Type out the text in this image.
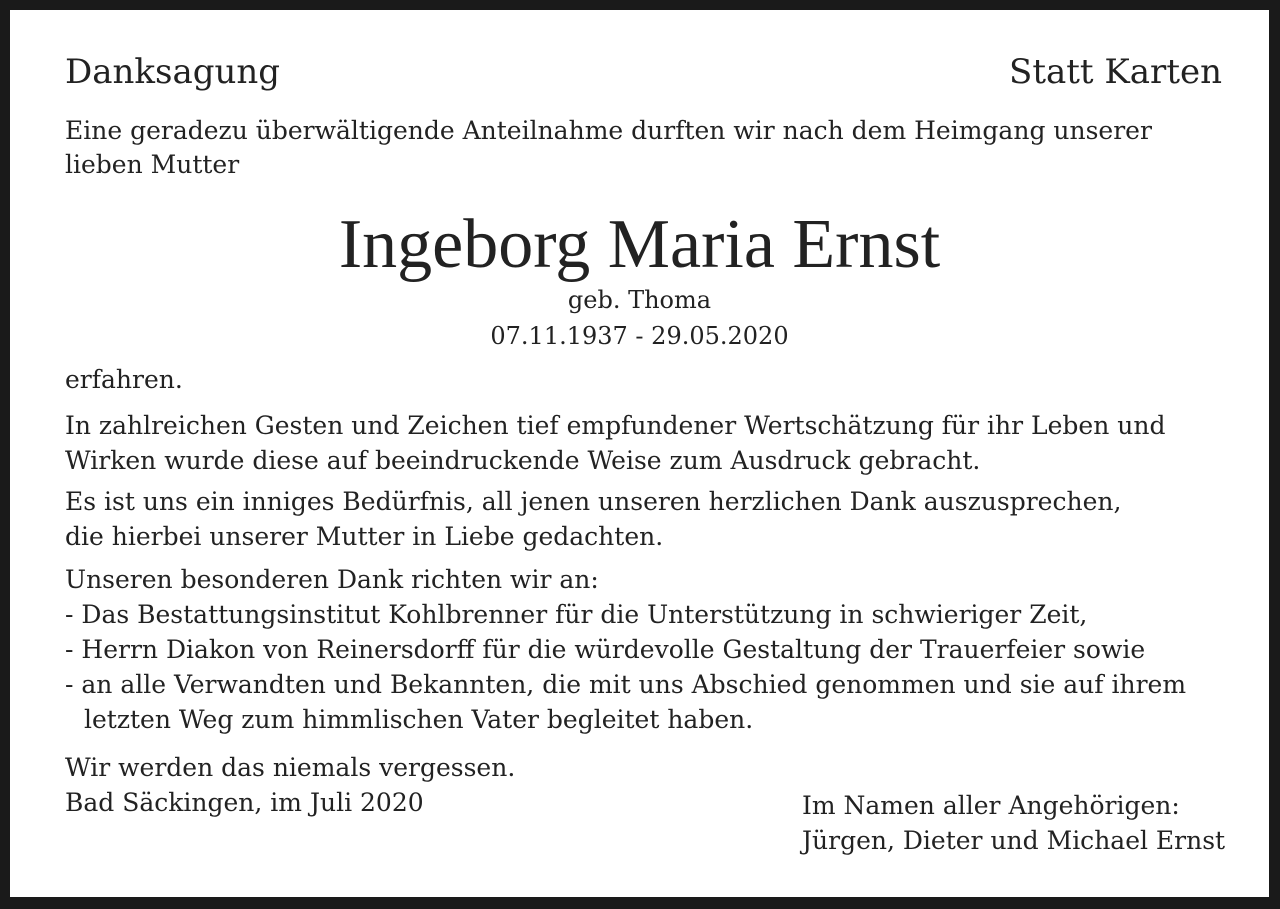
Danksagung	Statt Karten
Eine geradezu überwältigende Anteilnahme durften wir nach dem Heimgang unserer lieben Mutter
Ingeborg Maria Ernst
geb. Thoma
07.11.1937 - 29.05.2020
erfahren.
In zahlreichen Gesten und Zeichen tief empfundener Wertschätzung für ihr Leben und
Wirken wurde diese auf beeindruckende Weise zum Ausdruck gebracht.
Es ist uns ein inniges Bedürfnis, all jenen unseren herzlichen Dank auszusprechen,
die hierbei unserer Mutter in Liebe gedachten.
Unseren besonderen Dank richten wir an:
- Das Bestattungsinstitut Kohlbrenner für die Unterstützung in schwieriger Zeit,
- Herrn Diakon von Reinersdorff für die würdevolle Gestaltung der Trauerfeier sowie
- an alle Verwandten und Bekannten, die mit uns Abschied genommen und sie auf ihrem
letzten Weg zum himmlischen Vater begleitet haben.
Wir werden das niemals vergessen.
Bad Säckingen, im Juli 2020	Im Namen aller Angehörigen:
Jürgen, Dieter und Michael Ernst
